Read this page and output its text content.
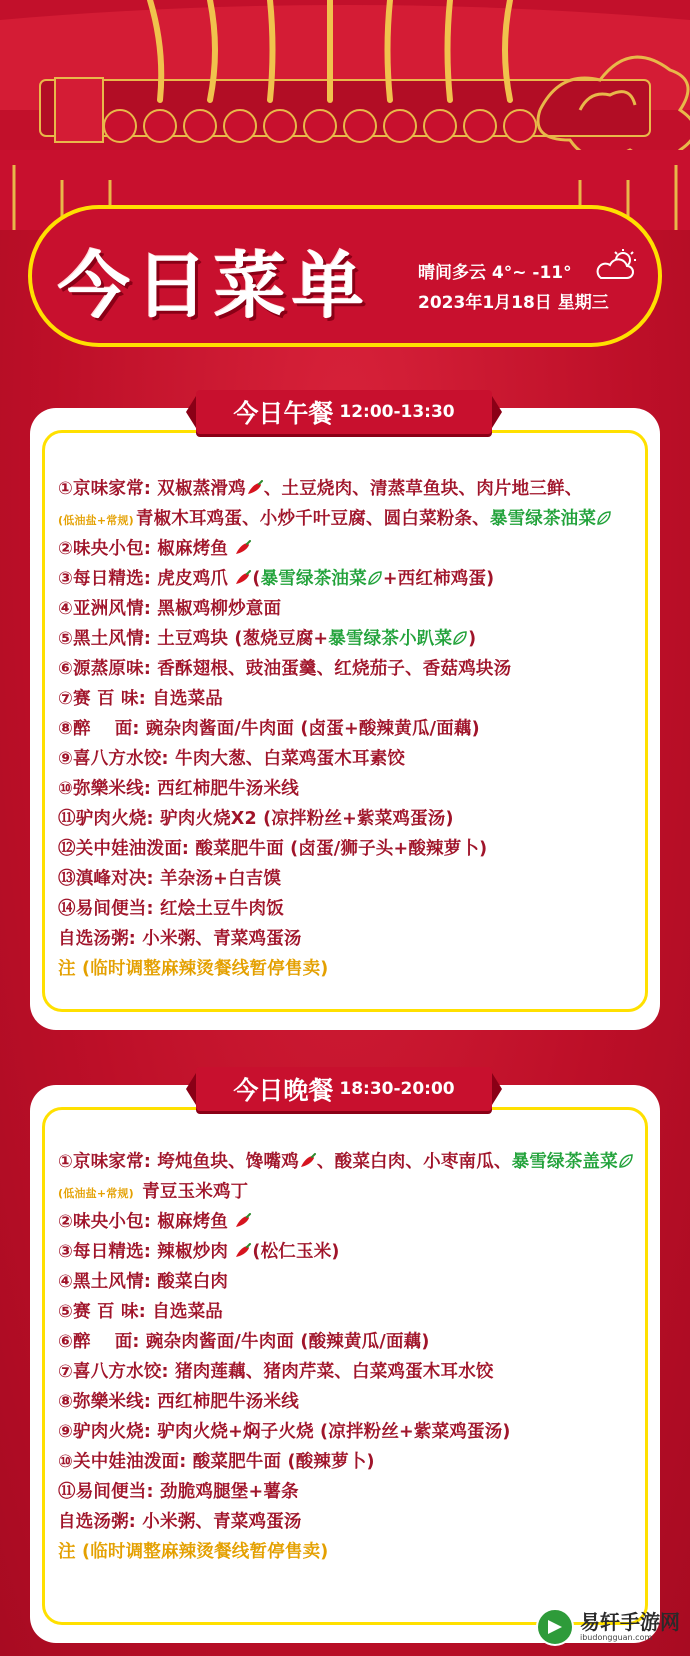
今日菜单	晴间多云 4°~ -11°
2023年1月18日 星期三
今日午餐 12:00-13:30
①京味家常: 双椒蒸滑鸡 、土豆烧肉、清蒸草鱼块、肉片地三鲜、
(低油盐+常规) 青椒木耳鸡蛋、小炒千叶豆腐、圆白菜粉条、暴雪绿茶油菜
②味央小包: 椒麻烤鱼
③每日精选: 虎皮鸡爪 (暴雪绿茶油菜 +西红柿鸡蛋)
④亚洲风情: 黑椒鸡柳炒意面
⑤黑土风情: 土豆鸡块 (葱烧豆腐+暴雪绿茶小趴菜 )
⑥源蒸原味: 香酥翅根、豉油蛋羹、红烧茄子、香菇鸡块汤
⑦赛 百 味: 自选菜品
⑧醉　 面: 豌杂肉酱面/牛肉面 (卤蛋+酸辣黄瓜/面藕)
⑨喜八方水饺: 牛肉大葱、白菜鸡蛋木耳素饺
⑩弥樂米线: 西红柿肥牛汤米线
⑪驴肉火烧: 驴肉火烧X2 (凉拌粉丝+紫菜鸡蛋汤)
⑫关中娃油泼面: 酸菜肥牛面 (卤蛋/狮子头+酸辣萝卜)
⑬滇峰对决: 羊杂汤+白吉馍
⑭易间便当: 红烩土豆牛肉饭
自选汤粥: 小米粥、青菜鸡蛋汤
注 (临时调整麻辣烫餐线暂停售卖)
今日晚餐 18:30-20:00
①京味家常: 垮炖鱼块、馋嘴鸡 、酸菜白肉、小枣南瓜、暴雪绿茶盖菜
(低油盐+常规) 青豆玉米鸡丁
②味央小包: 椒麻烤鱼
③每日精选: 辣椒炒肉 (松仁玉米)
④黑土风情: 酸菜白肉
⑤赛 百 味: 自选菜品
⑥醉　 面: 豌杂肉酱面/牛肉面 (酸辣黄瓜/面藕)
⑦喜八方水饺: 猪肉莲藕、猪肉芹菜、白菜鸡蛋木耳水饺
⑧弥樂米线: 西红柿肥牛汤米线
⑨驴肉火烧: 驴肉火烧+焖子火烧 (凉拌粉丝+紫菜鸡蛋汤)
⑩关中娃油泼面: 酸菜肥牛面 (酸辣萝卜)
⑪易间便当: 劲脆鸡腿堡+薯条
自选汤粥: 小米粥、青菜鸡蛋汤
注 (临时调整麻辣烫餐线暂停售卖)
易轩手游网
ibudongguan.com
